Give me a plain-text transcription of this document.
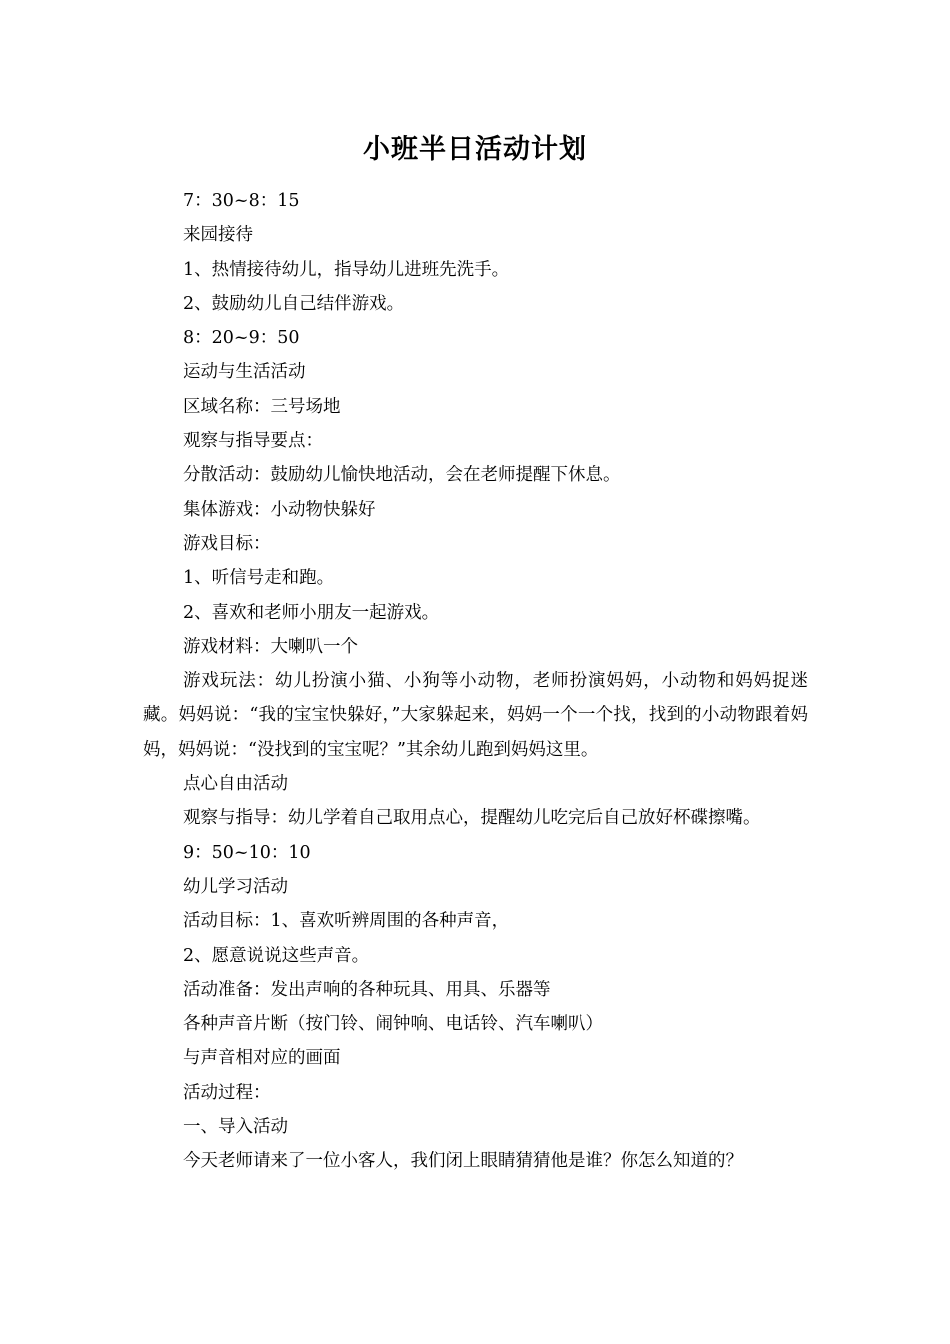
小班半日活动计划

7：30~8：15

来园接待

1、热情接待幼儿，指导幼儿进班先洗手。

2、鼓励幼儿自己结伴游戏。

8：20~9：50

运动与生活活动

区域名称：三号场地

观察与指导要点：

分散活动：鼓励幼儿愉快地活动，会在老师提醒下休息。

集体游戏：小动物快躲好

游戏目标：

1、听信号走和跑。

2、喜欢和老师小朋友一起游戏。

游戏材料：大喇叭一个

游戏玩法：幼儿扮演小猫、小狗等小动物，老师扮演妈妈，小动物和妈妈捉迷藏。妈妈说：“我的宝宝快躲好，”大家躲起来，妈妈一个一个找，找到的小动物跟着妈妈，妈妈说：“没找到的宝宝呢？”其余幼儿跑到妈妈这里。

点心自由活动

观察与指导：幼儿学着自己取用点心，提醒幼儿吃完后自己放好杯碟擦嘴。

9：50~10：10

幼儿学习活动

活动目标：1、喜欢听辨周围的各种声音，

2、愿意说说这些声音。

活动准备：发出声响的各种玩具、用具、乐器等

各种声音片断（按门铃、闹钟响、电话铃、汽车喇叭）

与声音相对应的画面

活动过程：

一、导入活动

今天老师请来了一位小客人，我们闭上眼睛猜猜他是谁？你怎么知道的？
